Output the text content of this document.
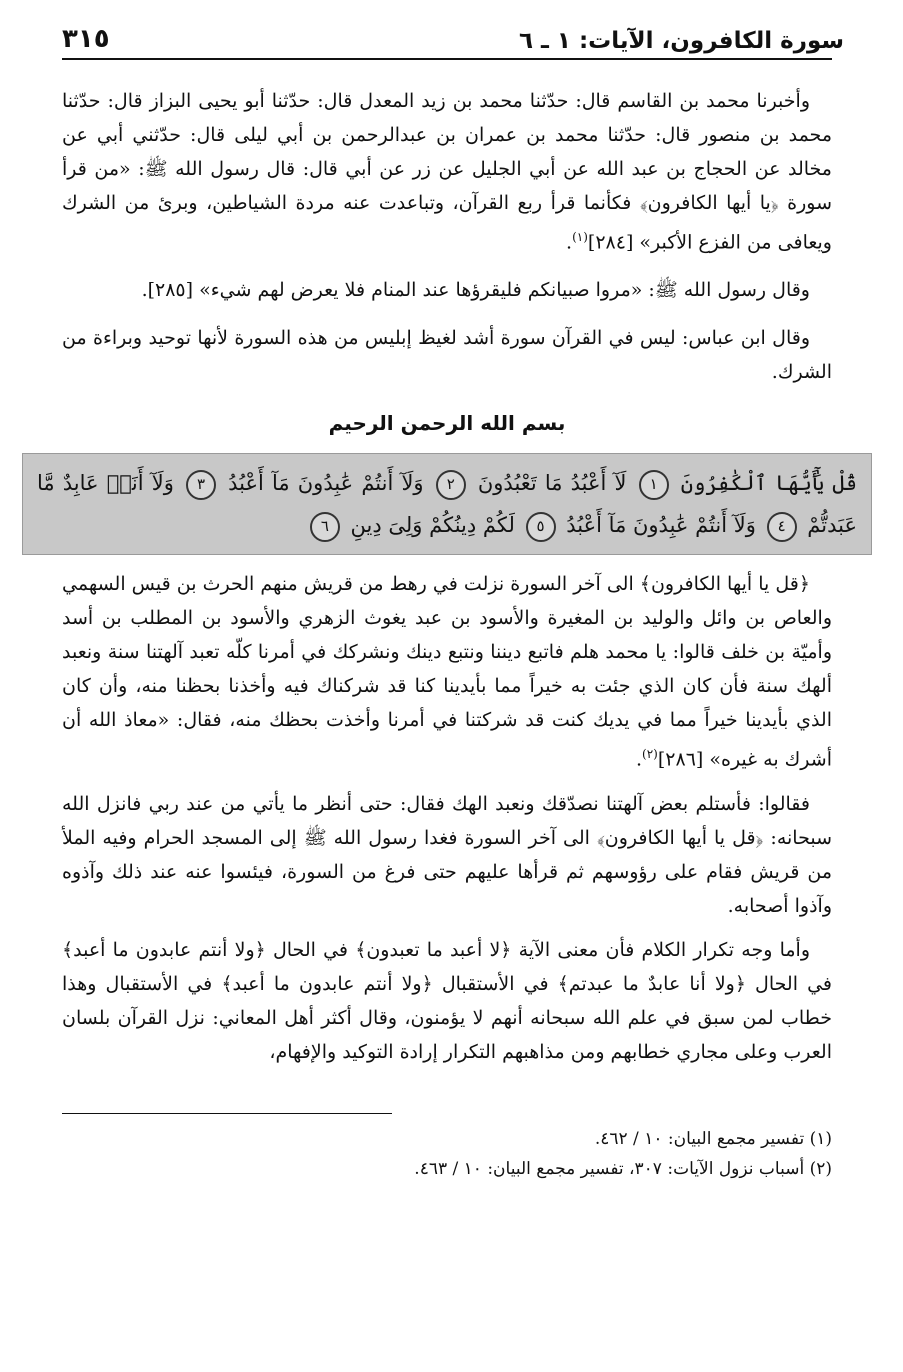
سورة الكافرون، الآيات: ١ ـ ٦
٣١٥

وأخبرنا محمد بن القاسم قال: حدّثنا محمد بن زيد المعدل قال: حدّثنا أبو يحيى البزاز قال: حدّثنا محمد بن منصور قال: حدّثنا محمد بن عمران بن عبدالرحمن بن أبي ليلى قال: حدّثني أبي عن مخالد عن الحجاج بن عبد الله عن أبي الجليل عن زر عن أبي قال: قال رسول الله ﷺ: «من قرأ سورة ﴿يا أيها الكافرون﴾ فكأنما قرأ ربع القرآن، وتباعدت عنه مردة الشياطين، وبرئ من الشرك ويعافى من الفزع الأكبر» [٢٨٤]$^{(١)}$.

وقال رسول الله ﷺ: «مروا صبيانكم فليقرؤها عند المنام فلا يعرض لهم شيء» [٢٨٥].

وقال ابن عباس: ليس في القرآن سورة أشد لغيظ إبليس من هذه السورة لأنها توحيد وبراءة من الشرك.

بسم الله الرحمن الرحيم
قُلْ يَٰٓأَيُّهَا ٱلْكَٰفِرُونَ ١ لَآ أَعْبُدُ مَا تَعْبُدُونَ ٢ وَلَآ أَنتُمْ عَٰبِدُونَ مَآ أَعْبُدُ ٣ وَلَآ أَنَا۠ عَابِدٌ مَّا عَبَدتُّمْ ٤ وَلَآ أَنتُمْ عَٰبِدُونَ مَآ أَعْبُدُ ٥ لَكُمْ دِينُكُمْ وَلِىَ دِينِ ٦

﴿قل يا أيها الكافرون﴾ الى آخر السورة نزلت في رهط من قريش منهم الحرث بن قيس السهمي والعاص بن وائل والوليد بن المغيرة والأسود بن عبد يغوث الزهري والأسود بن المطلب بن أسد وأميّة بن خلف قالوا: يا محمد هلم فاتبع ديننا ونتبع دينك ونشركك في أمرنا كلّه تعبد آلهتنا سنة ونعبد ألهك سنة فأن كان الذي جئت به خيراً مما بأيدينا كنا قد شركناك فيه وأخذنا بحظنا منه، وأن كان الذي بأيدينا خيراً مما في يديك كنت قد شركتنا في أمرنا وأخذت بحظك منه، فقال: «معاذ الله أن أشرك به غيره» [٢٨٦]$^{(٢)}$.

فقالوا: فأستلم بعض آلهتنا نصدّقك ونعبد الهك فقال: حتى أنظر ما يأتي من عند ربي فانزل الله سبحانه: ﴿قل يا أيها الكافرون﴾ الى آخر السورة فغدا رسول الله ﷺ إلى المسجد الحرام وفيه الملأ من قريش فقام على رؤوسهم ثم قرأها عليهم حتى فرغ من السورة، فيئسوا عنه عند ذلك وآذوه وآذوا أصحابه.

وأما وجه تكرار الكلام فأن معنى الآية ﴿لا أعبد ما تعبدون﴾ في الحال ﴿ولا أنتم عابدون ما أعبد﴾ في الحال ﴿ولا أنا عابدٌ ما عبدتم﴾ في الأستقبال ﴿ولا أنتم عابدون ما أعبد﴾ في الأستقبال وهذا خطاب لمن سبق في علم الله سبحانه أنهم لا يؤمنون، وقال أكثر أهل المعاني: نزل القرآن بلسان العرب وعلى مجاري خطابهم ومن مذاهبهم التكرار إرادة التوكيد والإفهام،

(١) تفسير مجمع البيان: ١٠ / ٤٦٢.
(٢) أسباب نزول الآيات: ٣٠٧، تفسير مجمع البيان: ١٠ / ٤٦٣.
